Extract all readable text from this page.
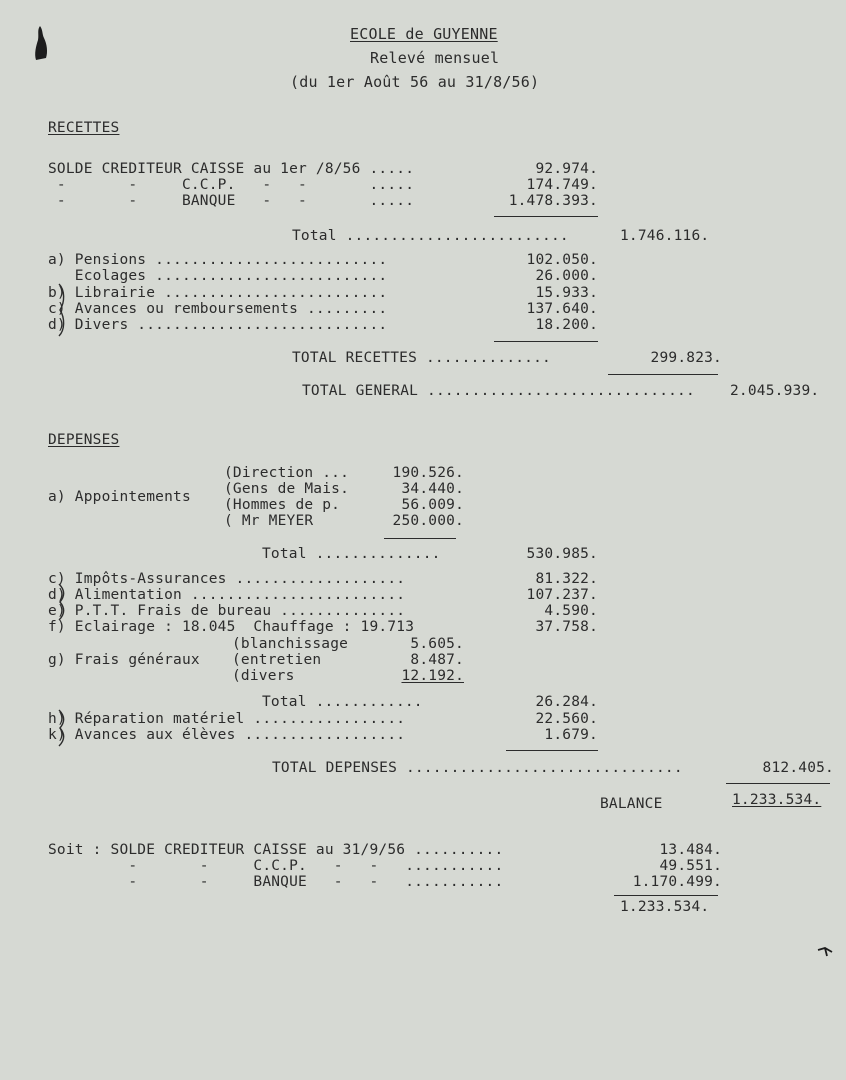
ECOLE de GUYENNE
Relevé mensuel
(du 1er Août 56 au 31/8/56)
RECETTES
SOLDE CREDITEUR CAISSE au 1er /8/56 .....	92.974.
-       -     C.C.P.   -   -       .....	174.749.
-       -     BANQUE   -   -       .....	1.478.393.
Total .........................	1.746.116.
a) Pensions ..........................	102.050.
Ecolages ..........................	26.000.
b) Librairie .........................	15.933.
c) Avances ou remboursements .........	137.640.
d) Divers ............................	18.200.
TOTAL RECETTES ..............	299.823.
TOTAL GENERAL .............................. 2.045.939.
DEPENSES
a) Appointements
(Direction ...	190.526.
(Gens de Mais.	34.440.
(Hommes de p.	56.009.
( Mr MEYER	250.000.
Total ..............	530.985.
c) Impôts-Assurances ...................	81.322.
d) Alimentation ........................	107.237.
e) P.T.T. Frais de bureau ..............	4.590.
f) Eclairage : 18.045  Chauffage : 19.713	37.758.
g) Frais généraux
(blanchissage	5.605.
(entretien	8.487.
(divers	12.192.
Total ............	26.284.
h) Réparation matériel .................	22.560.
k) Avances aux élèves ..................	1.679.
TOTAL DEPENSES ...............................	812.405.
BALANCE	1.233.534.
Soit : SOLDE CREDITEUR CAISSE au 31/9/56 ..........	13.484.
-       -     C.C.P.   -   -   ...........	49.551.
-       -     BANQUE   -   -   ...........	1.170.499.
1.233.534.
